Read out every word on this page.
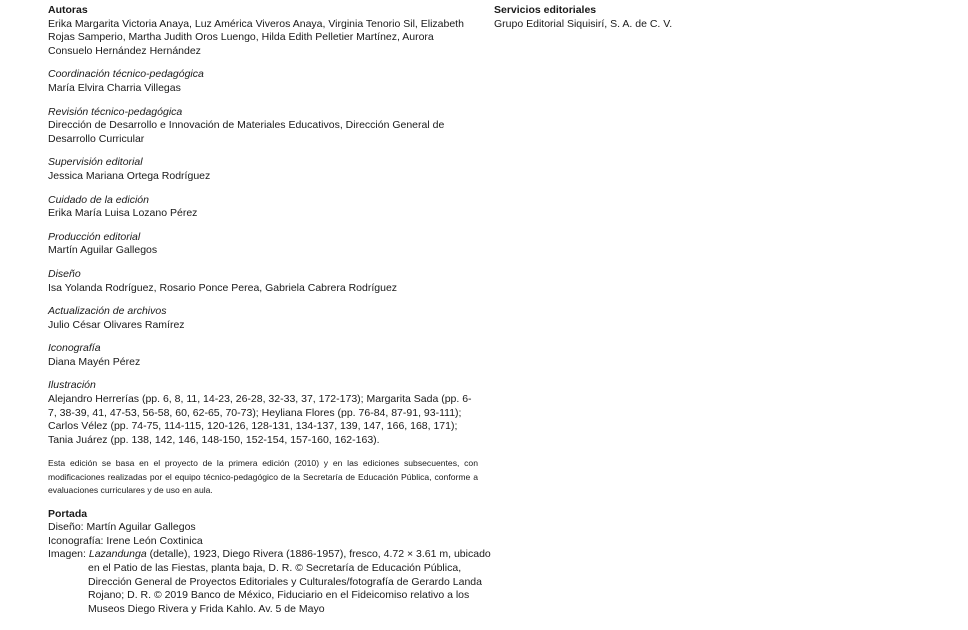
Autoras
Erika Margarita Victoria Anaya, Luz América Viveros Anaya, Virginia Tenorio Sil, Elizabeth Rojas Samperio, Martha Judith Oros Luengo, Hilda Edith Pelletier Martínez, Aurora Consuelo Hernández Hernández
Coordinación técnico-pedagógica
María Elvira Charria Villegas
Revisión técnico-pedagógica
Dirección de Desarrollo e Innovación de Materiales Educativos, Dirección General de Desarrollo Curricular
Supervisión editorial
Jessica Mariana Ortega Rodríguez
Cuidado de la edición
Erika María Luisa Lozano Pérez
Producción editorial
Martín Aguilar Gallegos
Diseño
Isa Yolanda Rodríguez, Rosario Ponce Perea, Gabriela Cabrera Rodríguez
Actualización de archivos
Julio César Olivares Ramírez
Iconografía
Diana Mayén Pérez
Ilustración
Alejandro Herrerías (pp. 6, 8, 11, 14-23, 26-28, 32-33, 37, 172-173); Margarita Sada (pp. 6-7, 38-39, 41, 47-53, 56-58, 60, 62-65, 70-73); Heyliana Flores (pp. 76-84, 87-91, 93-111); Carlos Vélez (pp. 74-75, 114-115, 120-126, 128-131, 134-137, 139, 147, 166, 168, 171); Tania Juárez (pp. 138, 142, 146, 148-150, 152-154, 157-160, 162-163).
Esta edición se basa en el proyecto de la primera edición (2010) y en las ediciones subsecuentes, con modificaciones realizadas por el equipo técnico-pedagógico de la Secretaría de Educación Pública, conforme a evaluaciones curriculares y de uso en aula.
Portada
Diseño: Martín Aguilar Gallegos
Iconografía: Irene León Coxtinica
Imagen: Lazandunga (detalle), 1923, Diego Rivera (1886-1957), fresco, 4.72 × 3.61 m, ubicado en el Patio de las Fiestas, planta baja, D. R. © Secretaría de Educación Pública, Dirección General de Proyectos Editoriales y Culturales/fotografía de Gerardo Landa Rojano; D. R. © 2019 Banco de México, Fiduciario en el Fideicomiso relativo a los Museos Diego Rivera y Frida Kahlo. Av. 5 de Mayo
Servicios editoriales
Grupo Editorial Siquisirí, S. A. de C. V.
